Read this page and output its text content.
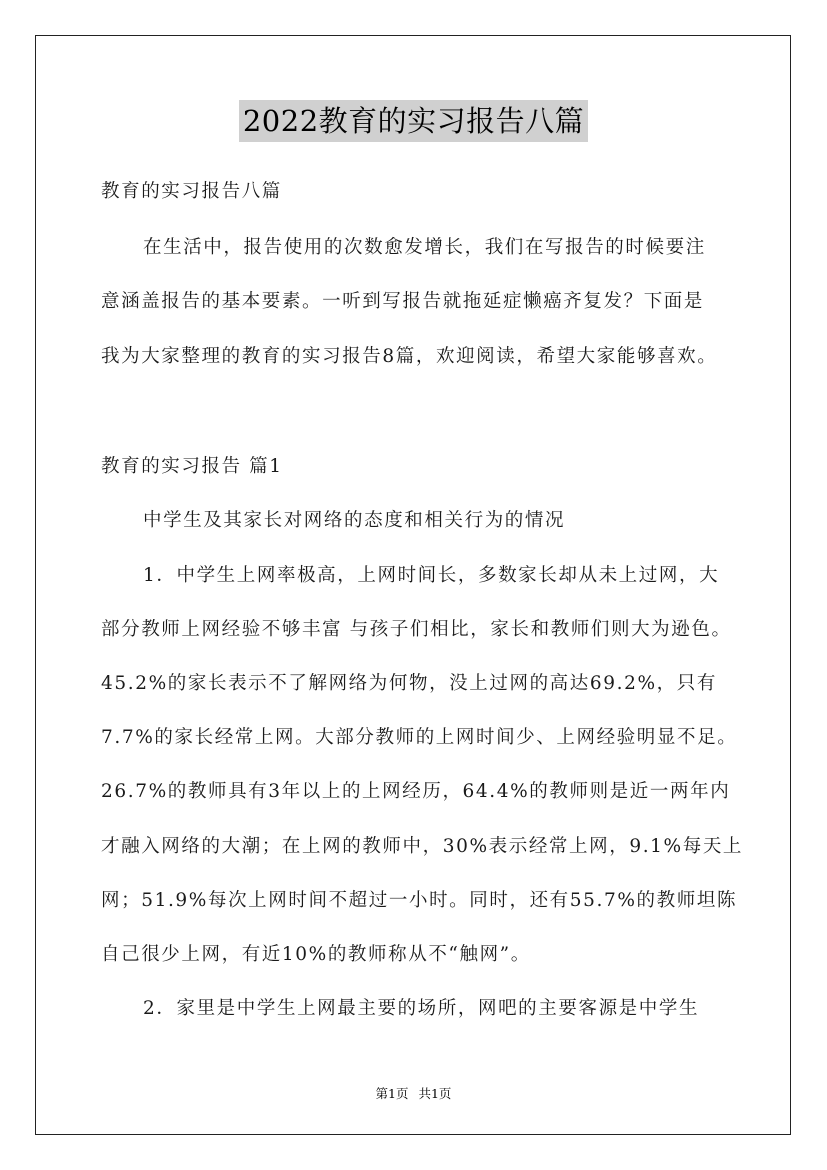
2022教育的实习报告八篇
教育的实习报告八篇
在生活中，报告使用的次数愈发增长，我们在写报告的时候要注
意涵盖报告的基本要素。一听到写报告就拖延症懒癌齐复发？下面是
我为大家整理的教育的实习报告8篇，欢迎阅读，希望大家能够喜欢。
教育的实习报告 篇1
中学生及其家长对网络的态度和相关行为的情况
1．中学生上网率极高，上网时间长，多数家长却从未上过网，大
部分教师上网经验不够丰富 与孩子们相比，家长和教师们则大为逊色。
45.2%的家长表示不了解网络为何物，没上过网的高达69.2%，只有
7.7%的家长经常上网。大部分教师的上网时间少、上网经验明显不足。
26.7%的教师具有3年以上的上网经历，64.4%的教师则是近一两年内
才融入网络的大潮；在上网的教师中，30%表示经常上网，9.1%每天上
网；51.9%每次上网时间不超过一小时。同时，还有55.7%的教师坦陈
自己很少上网，有近10%的教师称从不“触网”。
2．家里是中学生上网最主要的场所，网吧的主要客源是中学生
第1页 共1页
